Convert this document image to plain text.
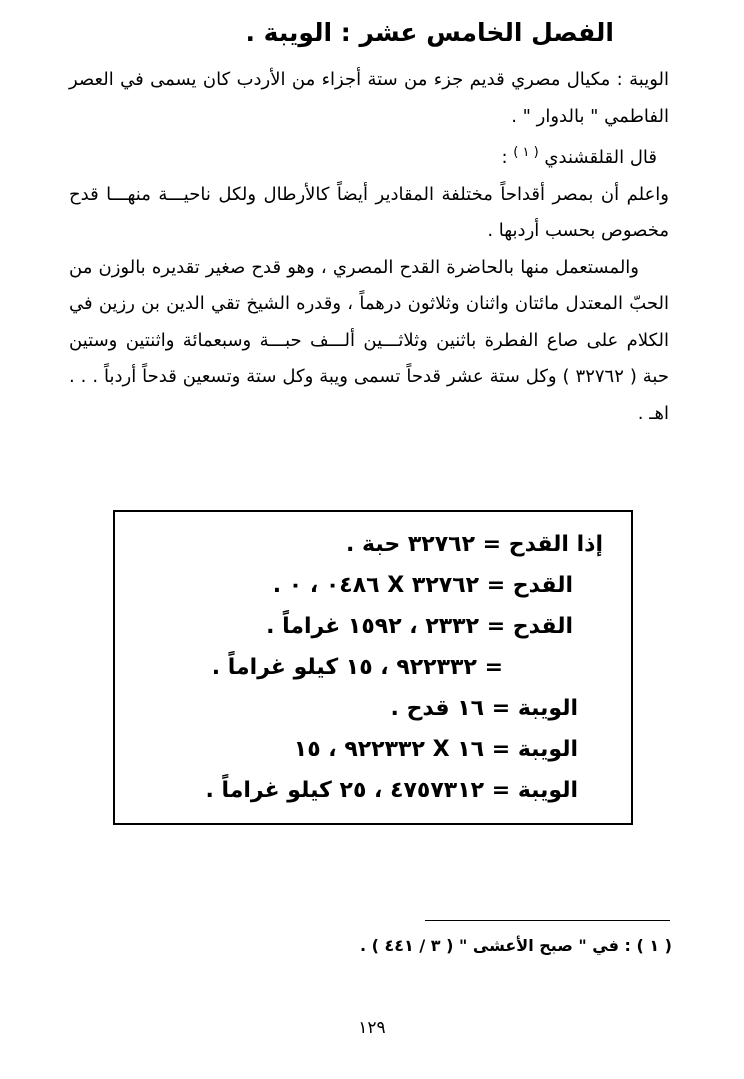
الفصل الخامس عشر : الويبة .

الويبة : مكيال مصري قديم جزء من ستة أجزاء من الأردب كان يسمى في العصر الفاطمي " بالدوار " .

قال القلقشندي $^{( ١ )}$ :

واعلم أن بمصر أقداحاً مختلفة المقادير أيضاً كالأرطال ولكل ناحيـــة منهـــا قدح مخصوص بحسب أردبها .

والمستعمل منها بالحاضرة القدح المصري ، وهو قدح صغير تقديره بالوزن من الحبّ المعتدل مائتان واثنان وثلاثون درهماً ، وقدره الشيخ تقي الدين بن رزين في الكلام على صاع الفطرة باثنين وثلاثـــين ألـــف حبـــة وسبعمائة واثنتين وستين حبة ( ٣٢٧٦٢ ) وكل ستة عشر قدحاً تسمى ويبة وكل ستة وتسعين قدحاً أردباً . . . اهـ .

إذا القدح = ٣٢٧٦٢ حبة .
القدح = ٣٢٧٦٢ X ٠٤٨٦ ، ٠ .
القدح = ٢٣٣٢ ، ١٥٩٢ غراماً .
= ٩٢٢٣٣٢ ، ١٥ كيلو غراماً .
الويبة = ١٦ قدح .
الويبة = ١٦ X ٩٢٢٣٣٢ ، ١٥
الويبة = ٤٧٥٧٣١٢ ، ٢٥ كيلو غراماً .
( ١ ) : في " صبح الأعشى " ( ٣ / ٤٤١ ) .
١٢٩
